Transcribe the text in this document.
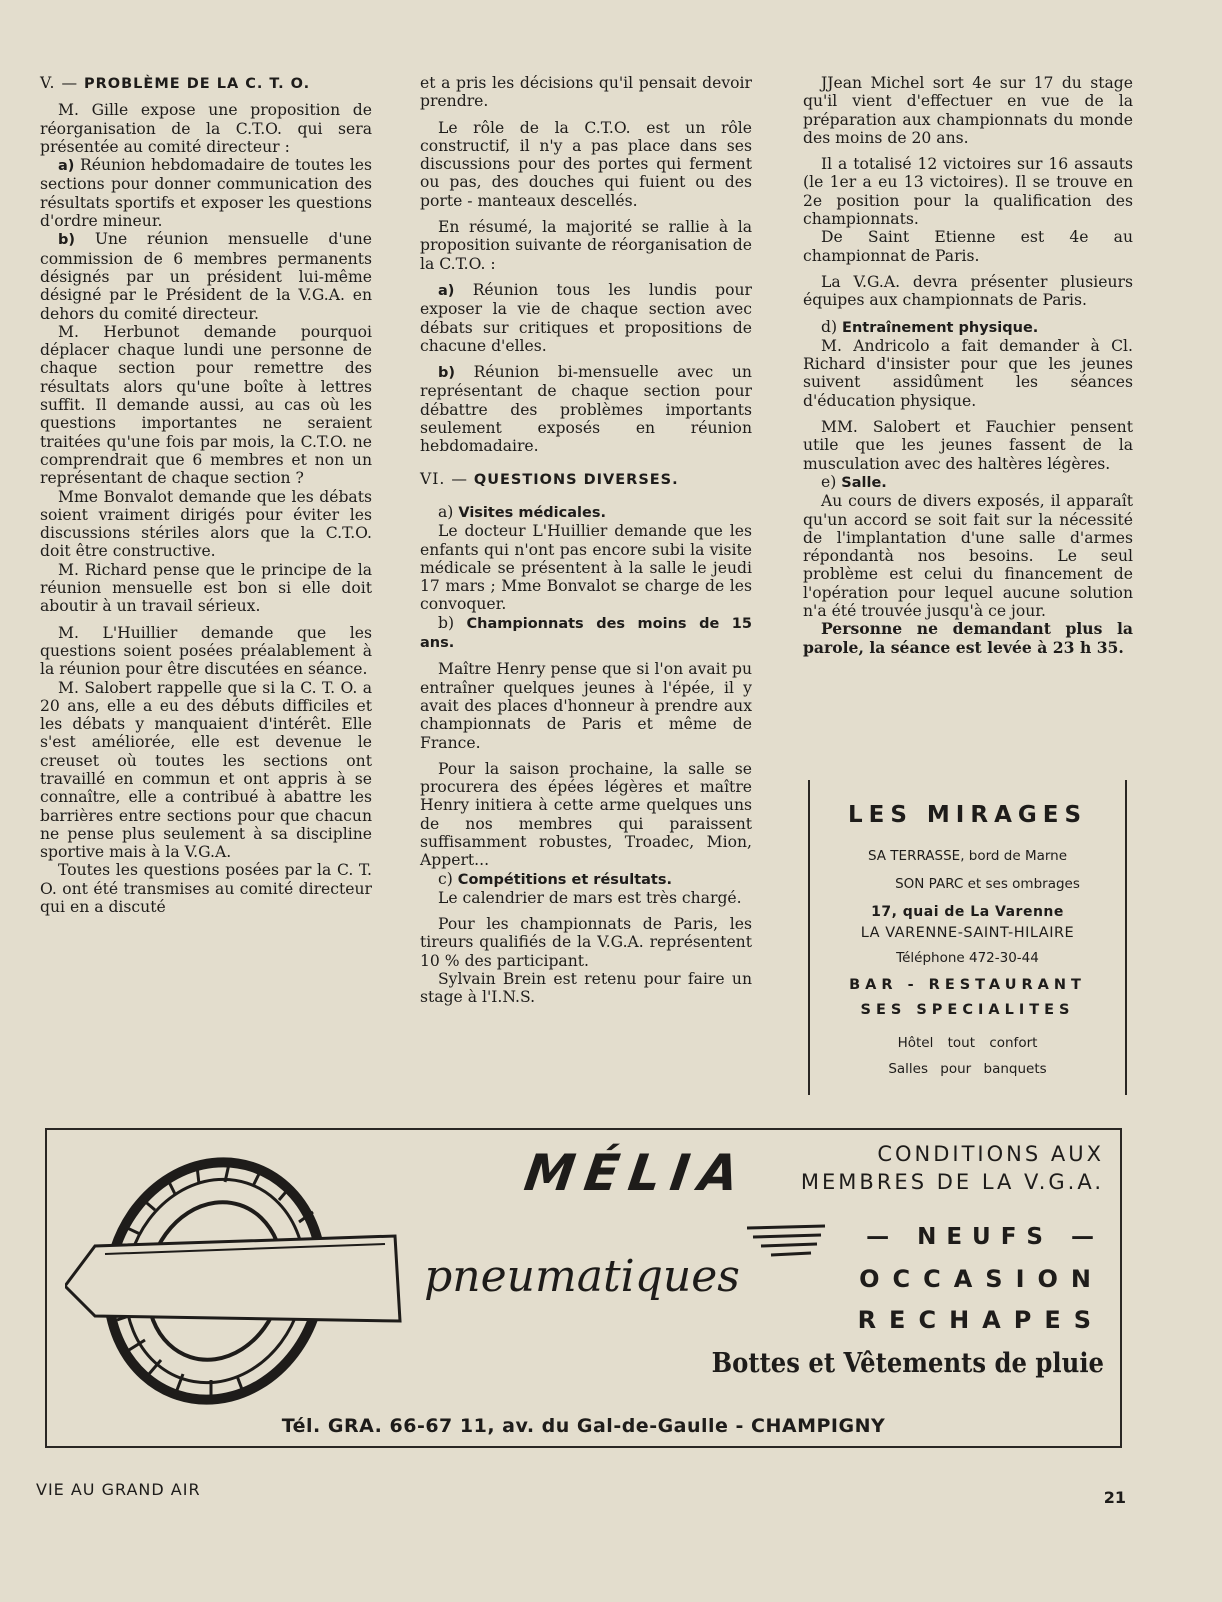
V. — PROBLÈME DE LA C. T. O.

M. Gille expose une proposition de réorganisation de la C.T.O. qui sera présentée au comité directeur :

a) Réunion hebdomadaire de toutes les sections pour donner communication des résultats sportifs et exposer les questions d'ordre mineur.

b) Une réunion mensuelle d'une commission de 6 membres permanents désignés par un président lui-même désigné par le Président de la V.G.A. en dehors du comité directeur.

M. Herbunot demande pourquoi déplacer chaque lundi une personne de chaque section pour remettre des résultats alors qu'une boîte à lettres suffit. Il demande aussi, au cas où les questions importantes ne seraient traitées qu'une fois par mois, la C.T.O. ne comprendrait que 6 membres et non un représentant de chaque section ?

Mme Bonvalot demande que les débats soient vraiment dirigés pour éviter les discussions stériles alors que la C.T.O. doit être constructive.

M. Richard pense que le principe de la réunion mensuelle est bon si elle doit aboutir à un travail sérieux.

M. L'Huillier demande que les questions soient posées préalablement à la réunion pour être discutées en séance.

M. Salobert rappelle que si la C. T. O. a 20 ans, elle a eu des débuts difficiles et les débats y manquaient d'intérêt. Elle s'est améliorée, elle est devenue le creuset où toutes les sections ont travaillé en commun et ont appris à se connaître, elle a contribué à abattre les barrières entre sections pour que chacun ne pense plus seulement à sa discipline sportive mais à la V.G.A.

Toutes les questions posées par la C. T. O. ont été transmises au comité directeur qui en a discuté

et a pris les décisions qu'il pensait devoir prendre.

Le rôle de la C.T.O. est un rôle constructif, il n'y a pas place dans ses discussions pour des portes qui ferment ou pas, des douches qui fuient ou des porte - manteaux descellés.

En résumé, la majorité se rallie à la proposition suivante de réorganisation de la C.T.O. :

a) Réunion tous les lundis pour exposer la vie de chaque section avec débats sur critiques et propositions de chacune d'elles.

b) Réunion bi-mensuelle avec un représentant de chaque section pour débattre des problèmes importants seulement exposés en réunion hebdomadaire.

VI. — QUESTIONS DIVERSES.

a) Visites médicales.

Le docteur L'Huillier demande que les enfants qui n'ont pas encore subi la visite médicale se présentent à la salle le jeudi 17 mars ; Mme Bonvalot se charge de les convoquer.

b) Championnats des moins de 15 ans.

Maître Henry pense que si l'on avait pu entraîner quelques jeunes à l'épée, il y avait des places d'honneur à prendre aux championnats de Paris et même de France.

Pour la saison prochaine, la salle se procurera des épées légères et maître Henry initiera à cette arme quelques uns de nos membres qui paraissent suffisamment robustes, Troadec, Mion, Appert...

c) Compétitions et résultats.

Le calendrier de mars est très chargé.

Pour les championnats de Paris, les tireurs qualifiés de la V.G.A. représentent 10 % des participant.

Sylvain Brein est retenu pour faire un stage à l'I.N.S.

JJean Michel sort 4e sur 17 du stage qu'il vient d'effectuer en vue de la préparation aux championnats du monde des moins de 20 ans.

Il a totalisé 12 victoires sur 16 assauts (le 1er a eu 13 victoires). Il se trouve en 2e position pour la qualification des championnats.

De Saint Etienne est 4e au championnat de Paris.

La V.G.A. devra présenter plusieurs équipes aux championnats de Paris.

d) Entraînement physique.

M. Andricolo a fait demander à Cl. Richard d'insister pour que les jeunes suivent assidûment les séances d'éducation physique.

MM. Salobert et Fauchier pensent utile que les jeunes fassent de la musculation avec des haltères légères.

e) Salle.

Au cours de divers exposés, il apparaît qu'un accord se soit fait sur la nécessité de l'implantation d'une salle d'armes répondantà nos besoins. Le seul problème est celui du financement de l'opération pour lequel aucune solution n'a été trouvée jusqu'à ce jour.

Personne ne demandant plus la parole, la séance est levée à 23 h 35.

LES MIRAGES
SA TERRASSE, bord de Marne
SON PARC et ses ombrages
17, quai de La Varenne
LA VARENNE-SAINT-HILAIRE
Téléphone 472-30-44
BAR - RESTAURANT
SES SPECIALITES
Hôtel tout confort
Salles pour banquets
MÉLIA
pneumatiques
CONDITIONS AUX
MEMBRES DE LA V.G.A.
— NEUFS —
OCCASION
RECHAPES
Bottes et Vêtements de pluie
Tél. GRA. 66-67 11, av. du Gal-de-Gaulle - CHAMPIGNY
VIE AU GRAND AIR	21
